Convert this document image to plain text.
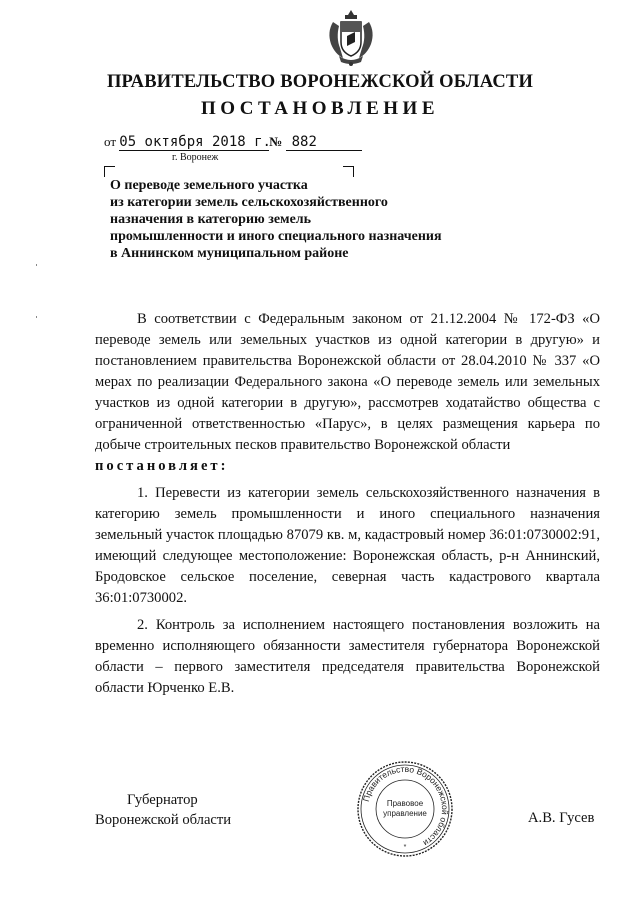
ПРАВИТЕЛЬСТВО ВОРОНЕЖСКОЙ ОБЛАСТИ
ПОСТАНОВЛЕНИЕ
от 05 октября 2018 г.№ 882
г. Воронеж
О переводе земельного участка
из категории земель сельскохозяйственного
назначения в категорию земель
промышленности и иного специального назначения
в Аннинском муниципальном районе

В соответствии с Федеральным законом от 21.12.2004 № 172-ФЗ «О переводе земель или земельных участков из одной категории в другую» и постановлением правительства Воронежской области от 28.04.2010 № 337 «О мерах по реализации Федерального закона «О переводе земель или земельных участков из одной категории в другую», рассмотрев ходатайство общества с ограниченной ответственностью «Парус», в целях размещения карьера по добыче строительных песков правительство Воронежской области

постановляет:

1. Перевести из категории земель сельскохозяйственного назначения в категорию земель промышленности и иного специального назначения земельный участок площадью 87079 кв. м, кадастровый номер 36:01:0730002:91, имеющий следующее местоположение: Воронежская область, р-н Аннинский, Бродовское сельское поселение, северная часть кадастрового квартала 36:01:0730002.

2. Контроль за исполнением настоящего постановления возложить на временно исполняющего обязанности заместителя губернатора Воронежской области – первого заместителя председателя правительства Воронежской области Юрченко Е.В.

Губернатор
Воронежской области
Правительство Воронежской области
Правовое
управление
*
А.В. Гусев
